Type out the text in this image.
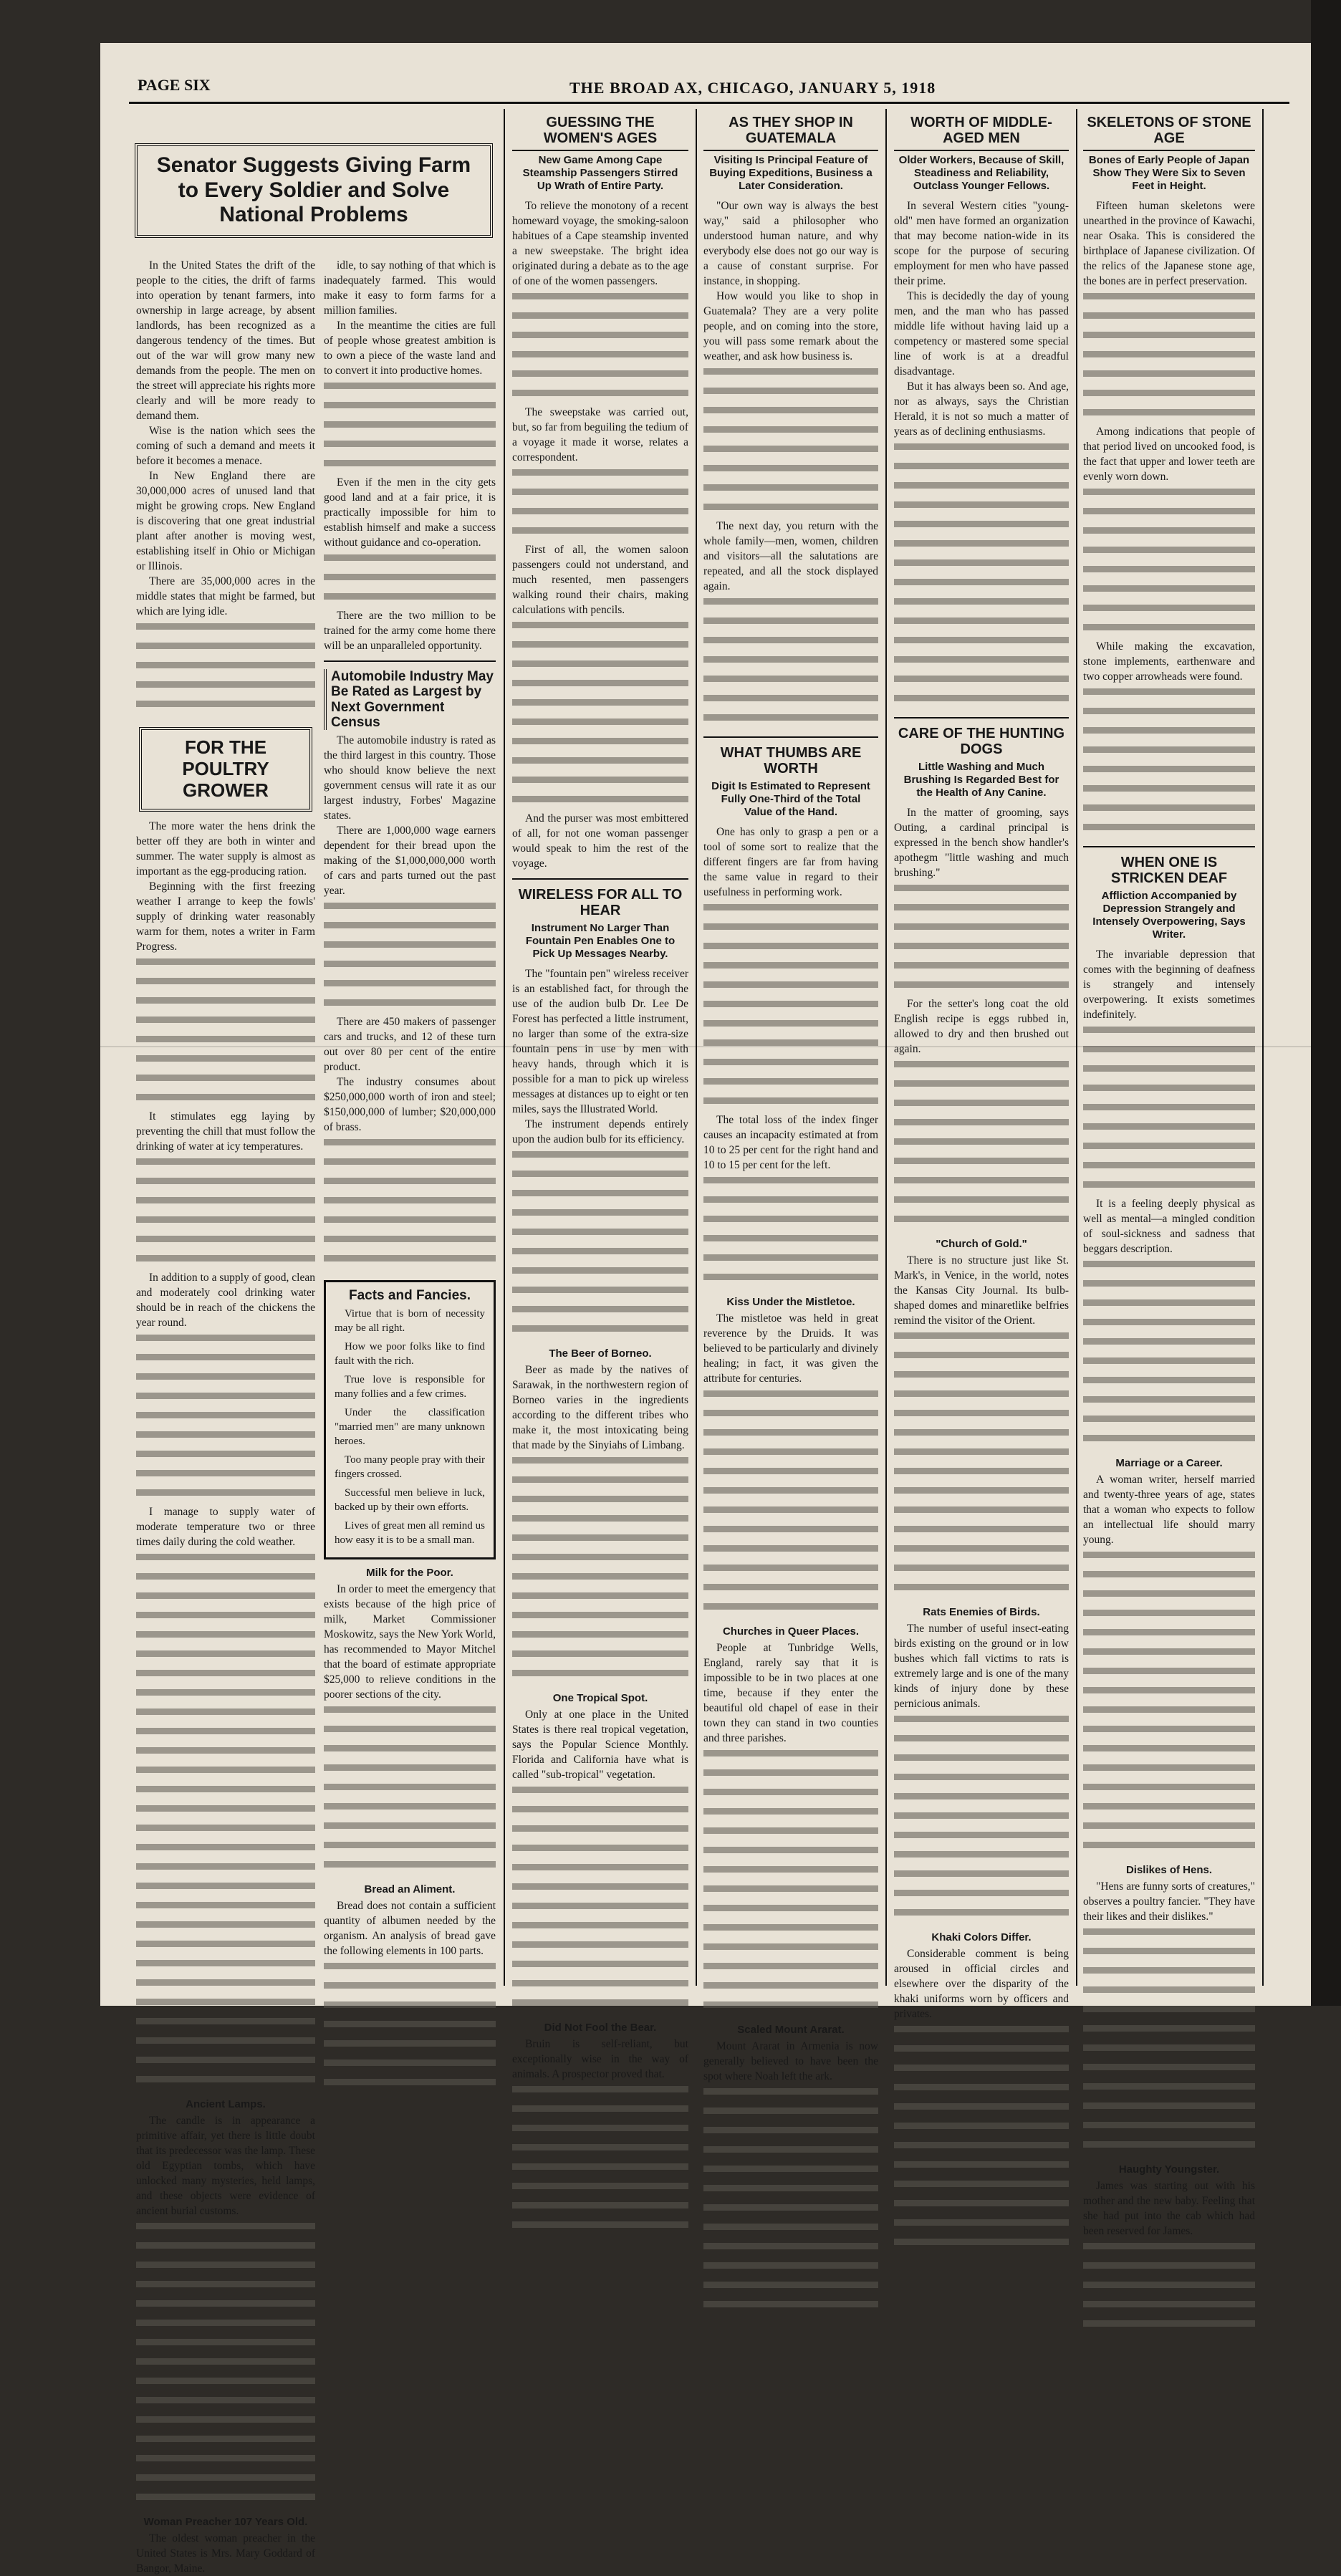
PAGE SIX	THE BROAD AX, CHICAGO, JANUARY 5, 1918
Senator Suggests Giving Farm to Every Soldier and Solve National Problems

In the United States the drift of the people to the cities, the drift of farms into operation by tenant farmers, into ownership in large acreage, by absent landlords, has been recognized as a dangerous tendency of the times. But out of the war will grow many new demands from the people. The men on the street will appreciate his rights more clearly and will be more ready to demand them.

Wise is the nation which sees the coming of such a demand and meets it before it becomes a menace.

In New England there are 30,000,000 acres of unused land that might be growing crops. New England is discovering that one great industrial plant after another is moving west, establishing itself in Ohio or Michigan or Illinois.

There are 35,000,000 acres in the middle states that might be farmed, but which are lying idle.

FOR THE POULTRY GROWER

The more water the hens drink the better off they are both in winter and summer. The water supply is almost as important as the egg-producing ration.

Beginning with the first freezing weather I arrange to keep the fowls' supply of drinking water reasonably warm for them, notes a writer in Farm Progress.

It stimulates egg laying by preventing the chill that must follow the drinking of water at icy temperatures.

In addition to a supply of good, clean and moderately cool drinking water should be in reach of the chickens the year round.

I manage to supply water of moderate temperature two or three times daily during the cold weather.

Ancient Lamps.

The candle is in appearance a primitive affair, yet there is little doubt that its predecessor was the lamp. These old Egyptian tombs, which have unlocked many mysteries, held lamps, and these objects were evidence of ancient burial customs.

Woman Preacher 107 Years Old.

The oldest woman preacher in the United States is Mrs. Mary Goddard of Bangor, Maine.

idle, to say nothing of that which is inadequately farmed. This would make it easy to form farms for a million families.

In the meantime the cities are full of people whose greatest ambition is to own a piece of the waste land and to convert it into productive homes.

Even if the men in the city gets good land and at a fair price, it is practically impossible for him to establish himself and make a success without guidance and co-operation.

There are the two million to be trained for the army come home there will be an unparalleled opportunity.

Automobile Industry May Be Rated as Largest by Next Government Census

The automobile industry is rated as the third largest in this country. Those who should know believe the next government census will rate it as our largest industry, Forbes' Magazine states.

There are 1,000,000 wage earners dependent for their bread upon the making of the $1,000,000,000 worth of cars and parts turned out the past year.

There are 450 makers of passenger cars and trucks, and 12 of these turn out over 80 per cent of the entire product.

The industry consumes about $250,000,000 worth of iron and steel; $150,000,000 of lumber; $20,000,000 of brass.

Facts and Fancies.

Virtue that is born of necessity may be all right.

How we poor folks like to find fault with the rich.

True love is responsible for many follies and a few crimes.

Under the classification "married men" are many unknown heroes.

Too many people pray with their fingers crossed.

Successful men believe in luck, backed up by their own efforts.

Lives of great men all remind us how easy it is to be a small man.

Milk for the Poor.

In order to meet the emergency that exists because of the high price of milk, Market Commissioner Moskowitz, says the New York World, has recommended to Mayor Mitchel that the board of estimate appropriate $25,000 to relieve conditions in the poorer sections of the city.

Bread an Aliment.

Bread does not contain a sufficient quantity of albumen needed by the organism. An analysis of bread gave the following elements in 100 parts.

GUESSING THE WOMEN'S AGES
New Game Among Cape Steamship Passengers Stirred Up Wrath of Entire Party.

To relieve the monotony of a recent homeward voyage, the smoking-saloon habitues of a Cape steamship invented a new sweepstake. The bright idea originated during a debate as to the age of one of the women passengers.

The sweepstake was carried out, but, so far from beguiling the tedium of a voyage it made it worse, relates a correspondent.

First of all, the women saloon passengers could not understand, and much resented, men passengers walking round their chairs, making calculations with pencils.

And the purser was most embittered of all, for not one woman passenger would speak to him the rest of the voyage.

WIRELESS FOR ALL TO HEAR
Instrument No Larger Than Fountain Pen Enables One to Pick Up Messages Nearby.

The "fountain pen" wireless receiver is an established fact, for through the use of the audion bulb Dr. Lee De Forest has perfected a little instrument, no larger than some of the extra-size fountain pens in use by men with heavy hands, through which it is possible for a man to pick up wireless messages at distances up to eight or ten miles, says the Illustrated World.

The instrument depends entirely upon the audion bulb for its efficiency.

The Beer of Borneo.

Beer as made by the natives of Sarawak, in the northwestern region of Borneo varies in the ingredients according to the different tribes who make it, the most intoxicating being that made by the Sinyiahs of Limbang.

One Tropical Spot.

Only at one place in the United States is there real tropical vegetation, says the Popular Science Monthly. Florida and California have what is called "sub-tropical" vegetation.

Did Not Fool the Bear.

Bruin is self-reliant, but exceptionally wise in the way of animals. A prospector proved that.

AS THEY SHOP IN GUATEMALA
Visiting Is Principal Feature of Buying Expeditions, Business a Later Consideration.

"Our own way is always the best way," said a philosopher who understood human nature, and why everybody else does not go our way is a cause of constant surprise. For instance, in shopping.

How would you like to shop in Guatemala? They are a very polite people, and on coming into the store, you will pass some remark about the weather, and ask how business is.

The next day, you return with the whole family—men, women, children and visitors—all the salutations are repeated, and all the stock displayed again.

WHAT THUMBS ARE WORTH
Digit Is Estimated to Represent Fully One-Third of the Total Value of the Hand.

One has only to grasp a pen or a tool of some sort to realize that the different fingers are far from having the same value in regard to their usefulness in performing work.

The total loss of the index finger causes an incapacity estimated at from 10 to 25 per cent for the right hand and 10 to 15 per cent for the left.

Kiss Under the Mistletoe.

The mistletoe was held in great reverence by the Druids. It was believed to be particularly and divinely healing; in fact, it was given the attribute for centuries.

Churches in Queer Places.

People at Tunbridge Wells, England, rarely say that it is impossible to be in two places at one time, because if they enter the beautiful old chapel of ease in their town they can stand in two counties and three parishes.

Scaled Mount Ararat.

Mount Ararat in Armenia is now generally believed to have been the spot where Noah left the ark.

WORTH OF MIDDLE-AGED MEN
Older Workers, Because of Skill, Steadiness and Reliability, Outclass Younger Fellows.

In several Western cities "young-old" men have formed an organization that may become nation-wide in its scope for the purpose of securing employment for men who have passed their prime.

This is decidedly the day of young men, and the man who has passed middle life without having laid up a competency or mastered some special line of work is at a dreadful disadvantage.

But it has always been so. And age, nor as always, says the Christian Herald, it is not so much a matter of years as of declining enthusiasms.

CARE OF THE HUNTING DOGS
Little Washing and Much Brushing Is Regarded Best for the Health of Any Canine.

In the matter of grooming, says Outing, a cardinal principal is expressed in the bench show handler's apothegm "little washing and much brushing."

For the setter's long coat the old English recipe is eggs rubbed in, allowed to dry and then brushed out again.

"Church of Gold."

There is no structure just like St. Mark's, in Venice, in the world, notes the Kansas City Journal. Its bulb-shaped domes and minaretlike belfries remind the visitor of the Orient.

Rats Enemies of Birds.

The number of useful insect-eating birds existing on the ground or in low bushes which fall victims to rats is extremely large and is one of the many kinds of injury done by these pernicious animals.

Khaki Colors Differ.

Considerable comment is being aroused in official circles and elsewhere over the disparity of the khaki uniforms worn by officers and privates.

SKELETONS OF STONE AGE
Bones of Early People of Japan Show They Were Six to Seven Feet in Height.

Fifteen human skeletons were unearthed in the province of Kawachi, near Osaka. This is considered the birthplace of Japanese civilization. Of the relics of the Japanese stone age, the bones are in perfect preservation.

Among indications that people of that period lived on uncooked food, is the fact that upper and lower teeth are evenly worn down.

While making the excavation, stone implements, earthenware and two copper arrowheads were found.

WHEN ONE IS STRICKEN DEAF
Affliction Accompanied by Depression Strangely and Intensely Overpowering, Says Writer.

The invariable depression that comes with the beginning of deafness is strangely and intensely overpowering. It exists sometimes indefinitely.

It is a feeling deeply physical as well as mental—a mingled condition of soul-sickness and sadness that beggars description.

Marriage or a Career.

A woman writer, herself married and twenty-three years of age, states that a woman who expects to follow an intellectual life should marry young.

Dislikes of Hens.

"Hens are funny sorts of creatures," observes a poultry fancier. "They have their likes and their dislikes."

Haughty Youngster.

James was starting out with his mother and the new baby. Feeling that she had put into the cab which had been reserved for James.
